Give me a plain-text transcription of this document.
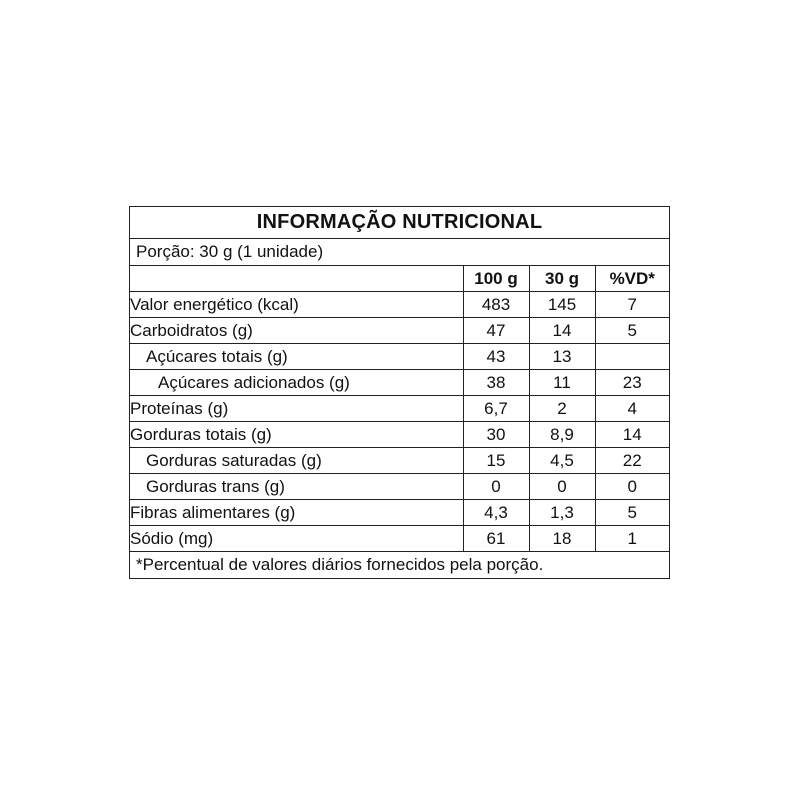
INFORMAÇÃO NUTRICIONAL
Porção: 30 g (1 unidade)
	100 g	30 g	%VD*
Valor energético (kcal)	483	145	7
Carboidratos (g)	47	14	5
Açúcares totais (g)	43	13	
Açúcares adicionados (g)	38	11	23
Proteínas (g)	6,7	2	4
Gorduras totais (g)	30	8,9	14
Gorduras saturadas (g)	15	4,5	22
Gorduras trans (g)	0	0	0
Fibras alimentares (g)	4,3	1,3	5
Sódio (mg)	61	18	1
*Percentual de valores diários fornecidos pela porção.
